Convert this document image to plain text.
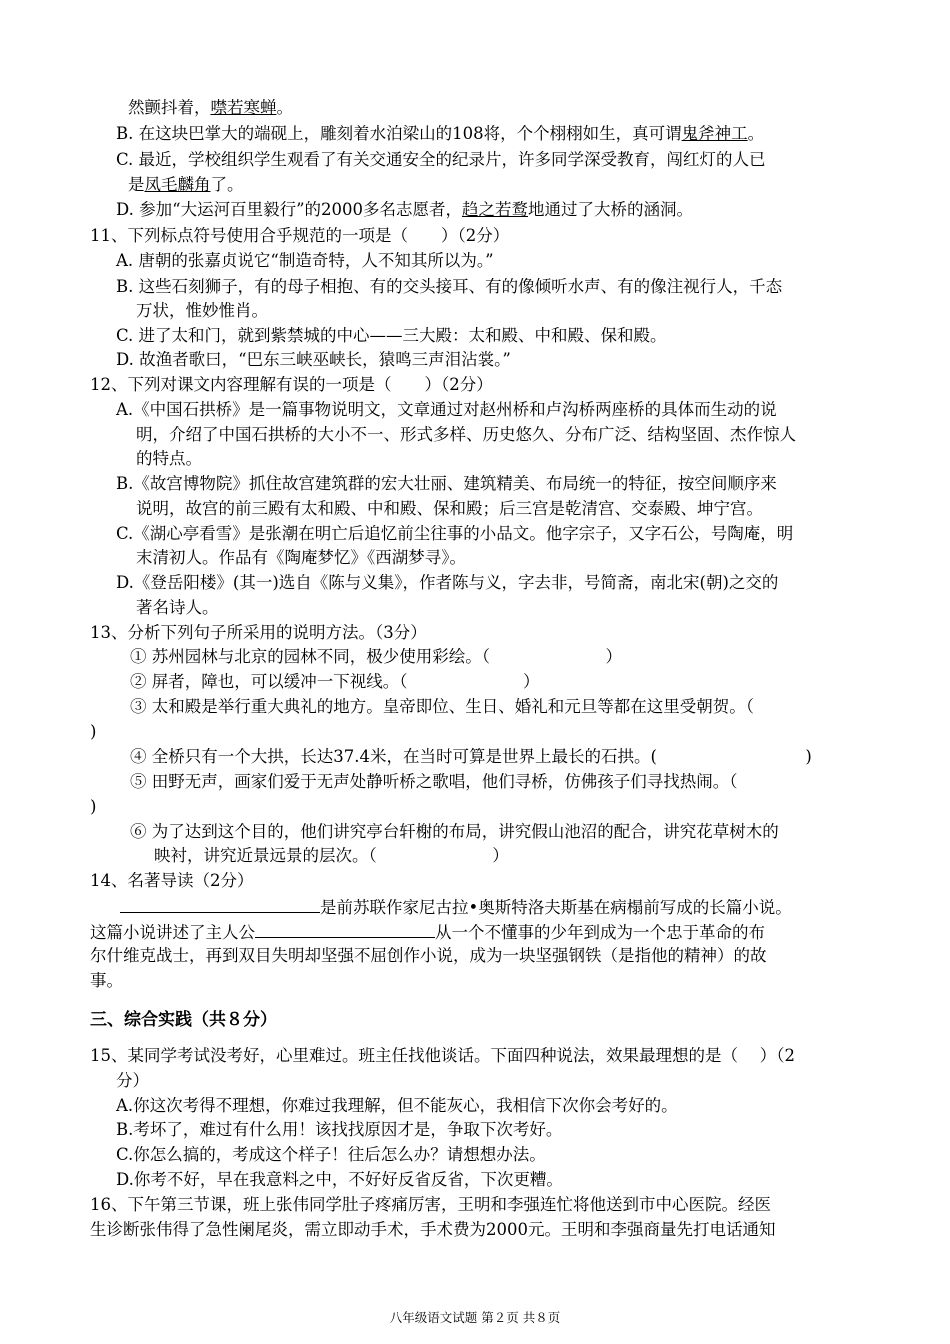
然颤抖着，噤若寒蝉。
B. 在这块巴掌大的端砚上，雕刻着水泊梁山的108将，个个栩栩如生，真可谓鬼斧神工。
C. 最近，学校组织学生观看了有关交通安全的纪录片，许多同学深受教育，闯红灯的人已
是凤毛麟角了。
D. 参加“大运河百里毅行”的2000多名志愿者，趋之若鹜地通过了大桥的涵洞。
11、下列标点符号使用合乎规范的一项是（　　）（2分）
A. 唐朝的张嘉贞说它“制造奇特，人不知其所以为。”
B. 这些石刻狮子，有的母子相抱、有的交头接耳、有的像倾听水声、有的像注视行人，千态
万状，惟妙惟肖。
C. 进了太和门，就到紫禁城的中心——三大殿：太和殿、中和殿、保和殿。
D. 故渔者歌曰，“巴东三峡巫峡长，猿鸣三声泪沾裳。”
12、下列对课文内容理解有误的一项是（　　）（2分）
A.《中国石拱桥》是一篇事物说明文，文章通过对赵州桥和卢沟桥两座桥的具体而生动的说
明，介绍了中国石拱桥的大小不一、形式多样、历史悠久、分布广泛、结构坚固、杰作惊人
的特点。
B.《故宫博物院》抓住故宫建筑群的宏大壮丽、建筑精美、布局统一的特征，按空间顺序来
说明，故宫的前三殿有太和殿、中和殿、保和殿；后三宫是乾清宫、交泰殿、坤宁宫。
C.《湖心亭看雪》是张潮在明亡后追忆前尘往事的小品文。他字宗子，又字石公，号陶庵，明
末清初人。作品有《陶庵梦忆》《西湖梦寻》。
D.《登岳阳楼》(其一)选自《陈与义集》，作者陈与义，字去非，号简斋，南北宋(朝)之交的
著名诗人。
13、分析下列句子所采用的说明方法。（3分）
① 苏州园林与北京的园林不同，极少使用彩绘。（　　　　　　　）
② 屏者，障也，可以缓冲一下视线。（　　　　　　　）
③ 太和殿是举行重大典礼的地方。皇帝即位、生日、婚礼和元旦等都在这里受朝贺。（
)
④ 全桥只有一个大拱，长达37.4米，在当时可算是世界上最长的石拱。(　　　　　　　　　)
⑤ 田野无声，画家们爱于无声处静听桥之歌唱，他们寻桥，仿佛孩子们寻找热闹。（
)
⑥ 为了达到这个目的，他们讲究亭台轩榭的布局，讲究假山池沼的配合，讲究花草树木的
映衬，讲究近景远景的层次。（　　　　　　　）
14、名著导读（2分）
是前苏联作家尼古拉•奥斯特洛夫斯基在病榻前写成的长篇小说。
这篇小说讲述了主人公	从一个不懂事的少年到成为一个忠于革命的布
尔什维克战士，再到双目失明却坚强不屈创作小说，成为一块坚强钢铁（是指他的精神）的故
事。
三、综合实践（共８分）
15、某同学考试没考好，心里难过。班主任找他谈话。下面四种说法，效果最理想的是（　 ）（2
分）
A.你这次考得不理想，你难过我理解，但不能灰心，我相信下次你会考好的。
B.考坏了，难过有什么用！该找找原因才是，争取下次考好。
C.你怎么搞的，考成这个样子！往后怎么办？请想想办法。
D.你考不好，早在我意料之中，不好好反省反省，下次更糟。
16、下午第三节课，班上张伟同学肚子疼痛厉害，王明和李强连忙将他送到市中心医院。经医
生诊断张伟得了急性阑尾炎，需立即动手术，手术费为2000元。王明和李强商量先打电话通知
八年级语文试题 第２页 共８页
